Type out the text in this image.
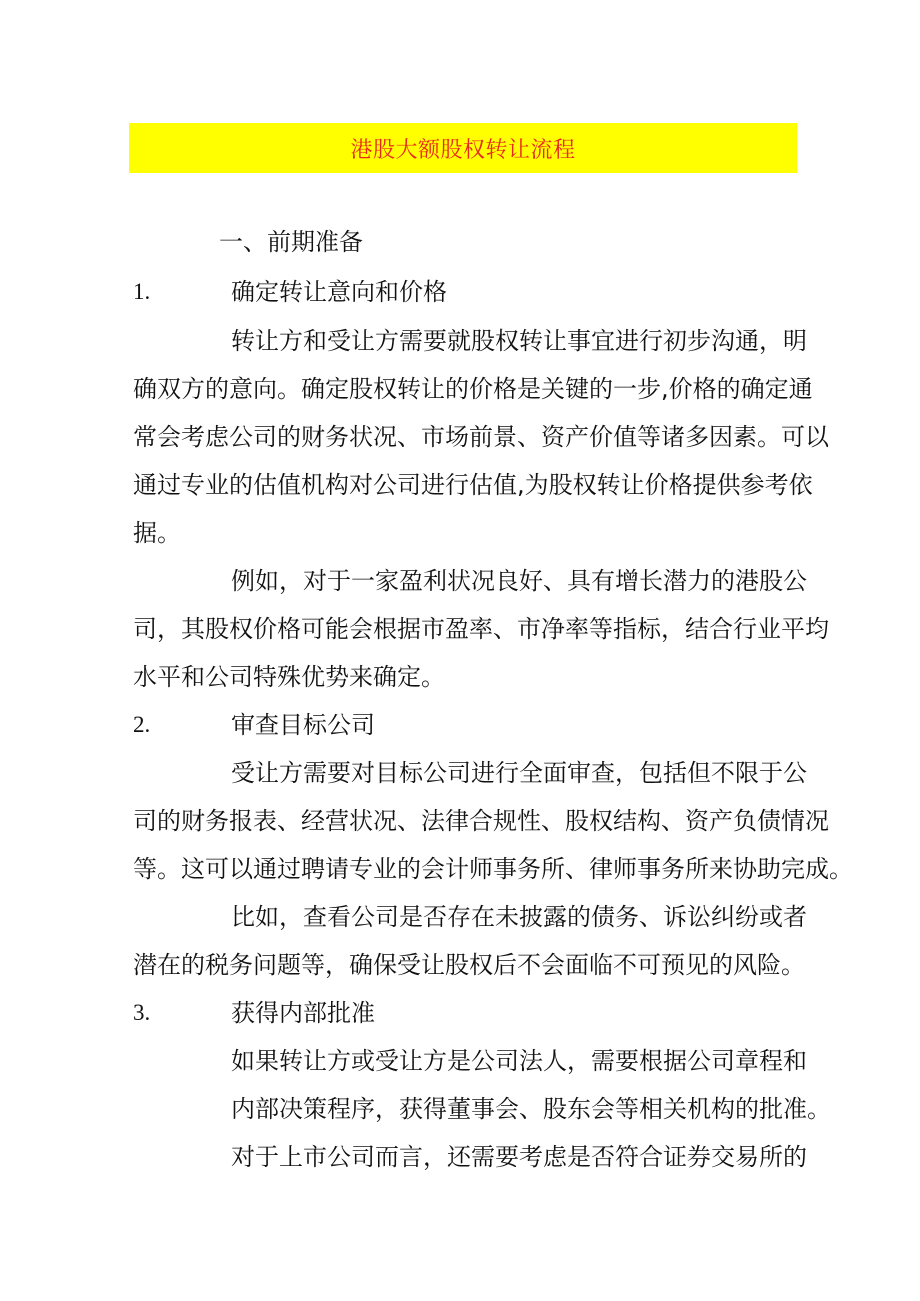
港股大额股权转让流程
一、前期准备
1.	确定转让意向和价格
转让方和受让方需要就股权转让事宜进行初步沟通，明
确双方的意向。确定股权转让的价格是关键的一步,价格的确定通
常会考虑公司的财务状况、市场前景、资产价值等诸多因素。可以
通过专业的估值机构对公司进行估值,为股权转让价格提供参考依
据。
例如，对于一家盈利状况良好、具有增长潜力的港股公
司，其股权价格可能会根据市盈率、市净率等指标，结合行业平均
水平和公司特殊优势来确定。
2.	审查目标公司
受让方需要对目标公司进行全面审查，包括但不限于公
司的财务报表、经营状况、法律合规性、股权结构、资产负债情况
等。这可以通过聘请专业的会计师事务所、律师事务所来协助完成。
比如，查看公司是否存在未披露的债务、诉讼纠纷或者
潜在的税务问题等，确保受让股权后不会面临不可预见的风险。
3.	获得内部批准
如果转让方或受让方是公司法人，需要根据公司章程和
内部决策程序，获得董事会、股东会等相关机构的批准。
对于上市公司而言，还需要考虑是否符合证券交易所的
